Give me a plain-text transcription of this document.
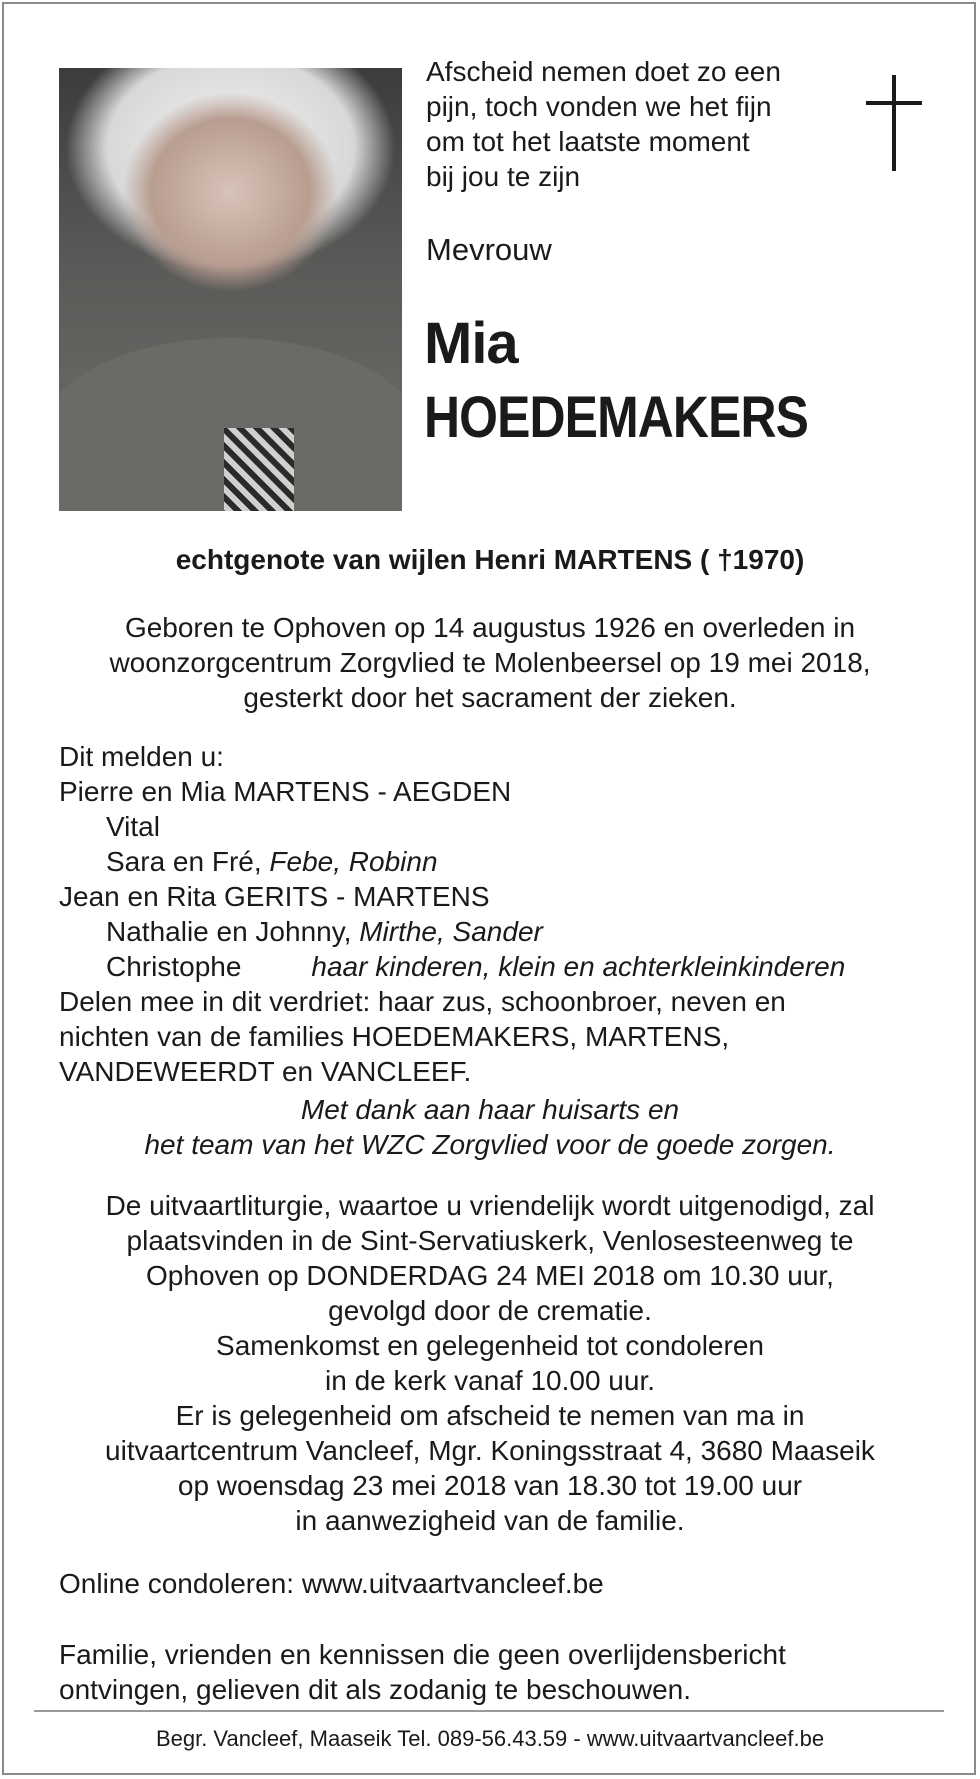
Afscheid nemen doet zo een
pijn, toch vonden we het fijn
om tot het laatste moment
bij jou te zijn
Mevrouw
Mia
HOEDEMAKERS
echtgenote van wijlen Henri MARTENS ( †1970)
Geboren te Ophoven op 14 augustus 1926 en overleden in
woonzorgcentrum Zorgvlied te Molenbeersel op 19 mei 2018,
gesterkt door het sacrament der zieken.
Dit melden u:
Pierre en Mia MARTENS - AEGDEN
Vital
Sara en Fré, Febe, Robinn
Jean en Rita GERITS - MARTENS
Nathalie en Johnny, Mirthe, Sander
Christophe	haar kinderen, klein en achterkleinkinderen
Delen mee in dit verdriet: haar zus, schoonbroer, neven en
nichten van de families HOEDEMAKERS, MARTENS,
VANDEWEERDT en VANCLEEF.
Met dank aan haar huisarts en
het team van het WZC Zorgvlied voor de goede zorgen.
De uitvaartliturgie, waartoe u vriendelijk wordt uitgenodigd, zal
plaatsvinden in de Sint-Servatiuskerk, Venlosesteenweg te
Ophoven op DONDERDAG 24 MEI 2018 om 10.30 uur,
gevolgd door de crematie.
Samenkomst en gelegenheid tot condoleren
in de kerk vanaf 10.00 uur.
Er is gelegenheid om afscheid te nemen van ma in
uitvaartcentrum Vancleef, Mgr. Koningsstraat 4, 3680 Maaseik
op woensdag 23 mei 2018 van 18.30 tot 19.00 uur
in aanwezigheid van de familie.
Online condoleren: www.uitvaartvancleef.be
Familie, vrienden en kennissen die geen overlijdensbericht
ontvingen, gelieven dit als zodanig te beschouwen.
Begr. Vancleef, Maaseik Tel. 089-56.43.59 - www.uitvaartvancleef.be
